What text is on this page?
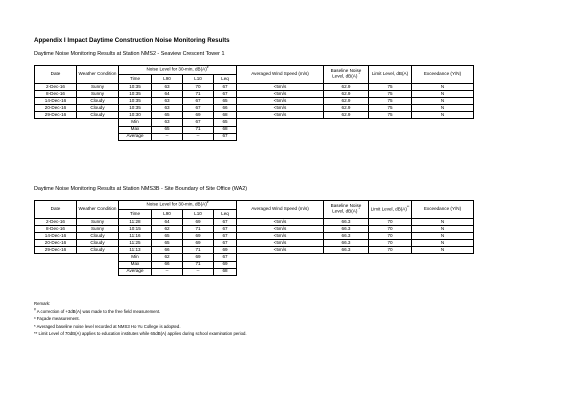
Appendix I Impact Daytime Construction Noise Monitoring Results
Daytime Noise Monitoring Results at Station NMS2 - Seaview Crescent Tower 1
Date	Weather Condition	Noise Level for 30-min, dB(A)#				Averaged Wind Speed (m/s)	Baseline Noise Level, dB(A) *	Limit Level, dB(A)	Exceedance (Y/N)
		Time	L90	L10	Leq				
2-Dec-16	Sunny	10:35	63	70	67	<5m/s	62.9	75	N
8-Dec-16	Sunny	10:35	64	71	67	<5m/s	62.9	75	N
14-Dec-16	Cloudy	10:35	63	67	65	<5m/s	62.9	75	N
20-Dec-16	Cloudy	10:35	63	67	66	<5m/s	62.9	75	N
29-Dec-16	Cloudy	10:30	65	69	68	<5m/s	62.9	75	N
		Min	63	67	65				
		Max	65	71	68				
		Average	--	--	67				
Daytime Noise Monitoring Results at Station NMS3B - Site Boundary of Site Office (WA2)
Date	Weather Condition	Noise Level for 30-min, dB(A)#				Averaged Wind Speed (m/s)	Baseline Noise Level, dB(A) *	Limit Level, dB(A)**	Exceedance (Y/N)
		Time	L90	L10	Leq				
2-Dec-16	Sunny	11:28	64	69	67	<5m/s	66.3	70	N
8-Dec-16	Sunny	10:15	62	71	67	<5m/s	66.3	70	N
14-Dec-16	Cloudy	11:16	65	69	67	<5m/s	66.3	70	N
20-Dec-16	Cloudy	11:25	65	69	67	<5m/s	66.3	70	N
29-Dec-16	Cloudy	11:13	66	71	69	<5m/s	66.3	70	N
		Min	62	69	67				
		Max	66	71	69				
		Average	--	--	68				
Remark:
# A correction of +3dB(A) was made to the free field measurement.
º Façade measurement.
* Averaged baseline noise level recorded at NMS3 Ho Yu College is adopted.
** Limit Level of 70dB(A) applies to education institutes while 65dB(A) applies during school examination period.
